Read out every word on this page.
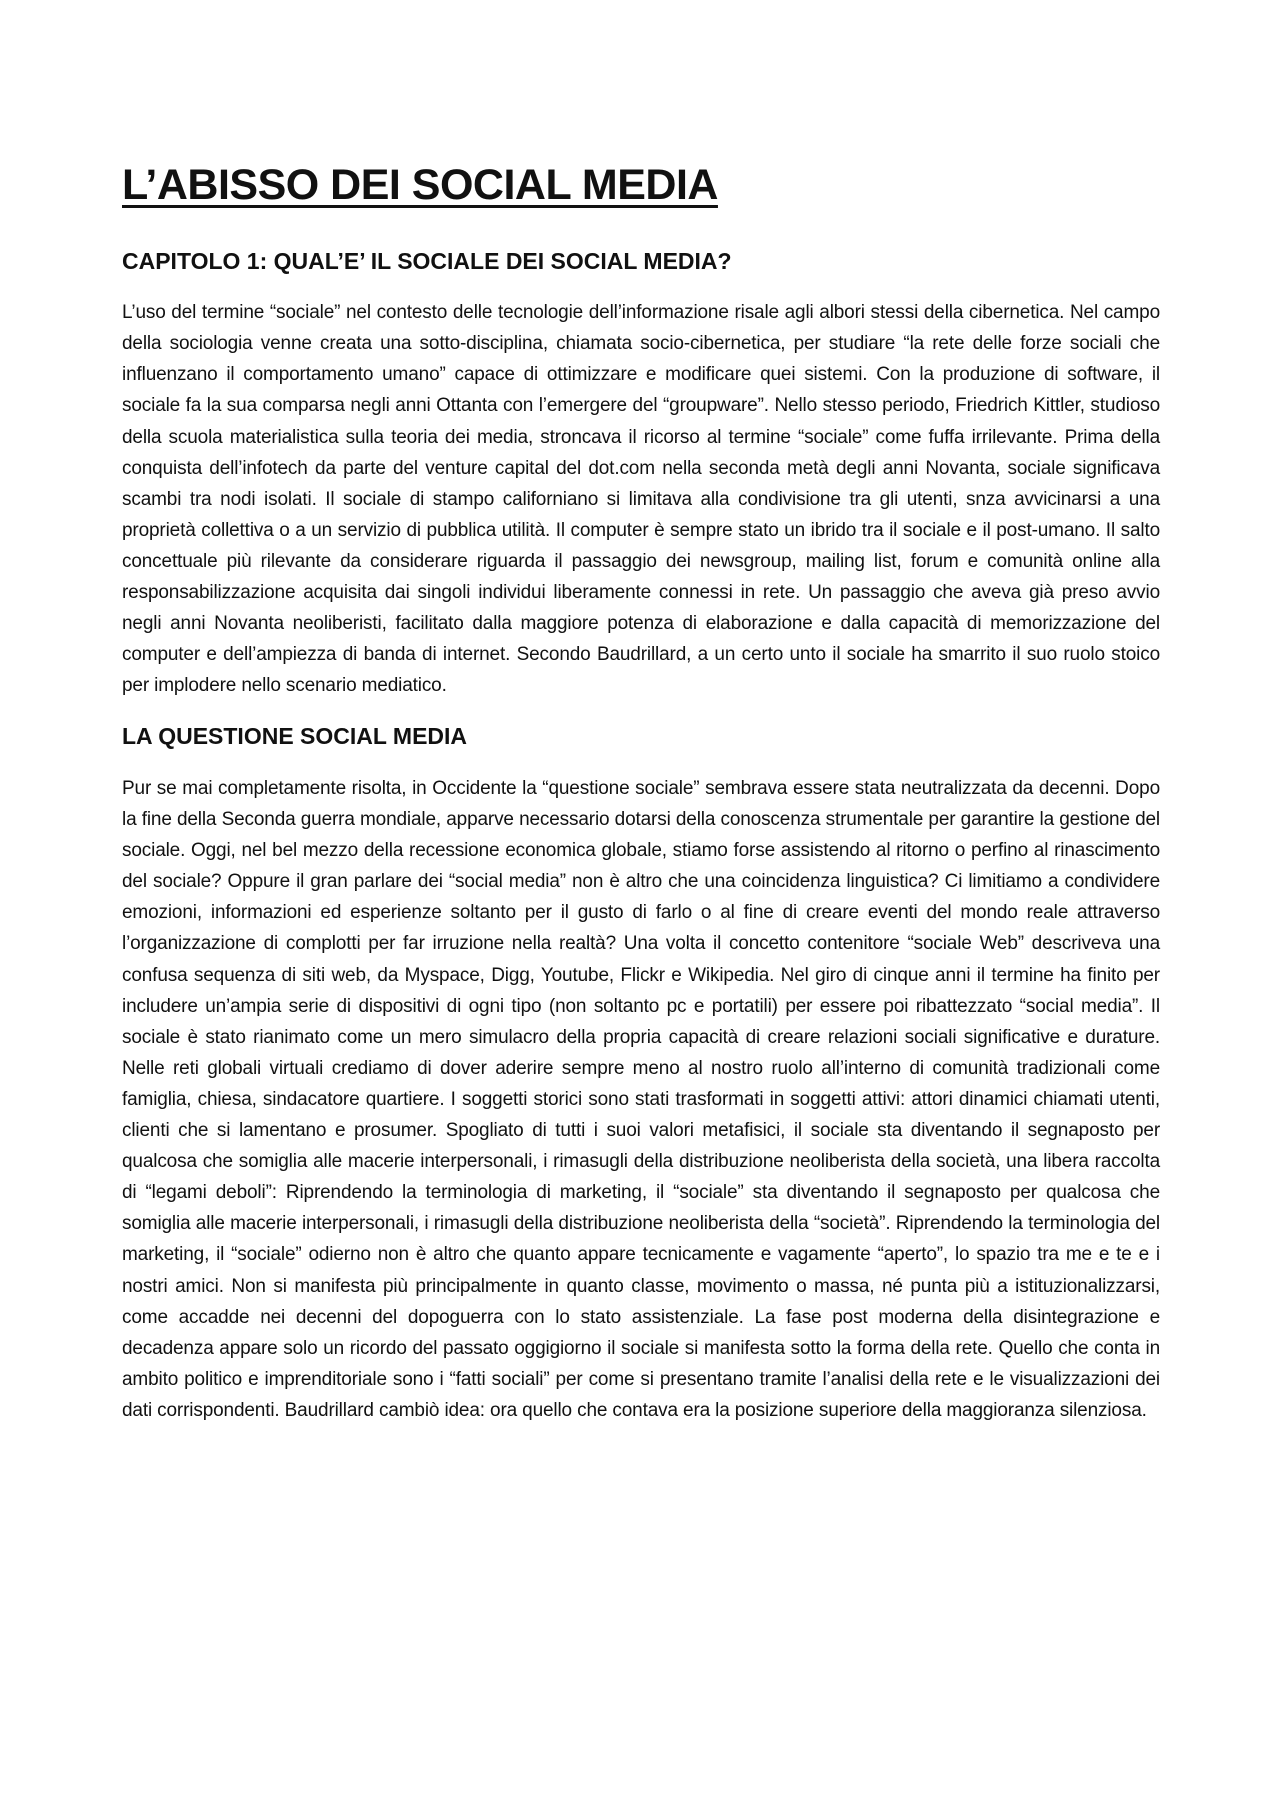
L’ABISSO DEI SOCIAL MEDIA
CAPITOLO 1: QUAL’E’ IL SOCIALE DEI SOCIAL MEDIA?

L’uso del termine “sociale” nel contesto delle tecnologie dell’informazione risale agli albori stessi della cibernetica. Nel campo della sociologia venne creata una sotto-disciplina, chiamata socio-cibernetica, per studiare “la rete delle forze sociali che influenzano il comportamento umano” capace di ottimizzare e modificare quei sistemi. Con la produzione di software, il sociale fa la sua comparsa negli anni Ottanta con l’emergere del “groupware”. Nello stesso periodo, Friedrich Kittler, studioso della scuola materialistica sulla teoria dei media, stroncava il ricorso al termine “sociale” come fuffa irrilevante. Prima della conquista dell’infotech da parte del venture capital del dot.com nella seconda metà degli anni Novanta, sociale significava scambi tra nodi isolati. Il sociale di stampo californiano si limitava alla condivisione tra gli utenti, snza avvicinarsi a una proprietà collettiva o a un servizio di pubblica utilità. Il computer è sempre stato un ibrido tra il sociale e il post-umano. Il salto concettuale più rilevante da considerare riguarda il passaggio dei newsgroup, mailing list, forum e comunità online alla responsabilizzazione acquisita dai singoli individui liberamente connessi in rete. Un passaggio che aveva già preso avvio negli anni Novanta neoliberisti, facilitato dalla maggiore potenza di elaborazione e dalla capacità di memorizzazione del computer e dell’ampiezza di banda di internet. Secondo Baudrillard, a un certo unto il sociale ha smarrito il suo ruolo stoico per implodere nello scenario mediatico.

LA QUESTIONE SOCIAL MEDIA

Pur se mai completamente risolta, in Occidente la “questione sociale” sembrava essere stata neutralizzata da decenni. Dopo la fine della Seconda guerra mondiale, apparve necessario dotarsi della conoscenza strumentale per garantire la gestione del sociale. Oggi, nel bel mezzo della recessione economica globale, stiamo forse assistendo al ritorno o perfino al rinascimento del sociale? Oppure il gran parlare dei “social media” non è altro che una coincidenza linguistica? Ci limitiamo a condividere emozioni, informazioni ed esperienze soltanto per il gusto di farlo o al fine di creare eventi del mondo reale attraverso l’organizzazione di complotti per far irruzione nella realtà? Una volta il concetto contenitore “sociale Web” descriveva una confusa sequenza di siti web, da Myspace, Digg, Youtube, Flickr e Wikipedia. Nel giro di cinque anni il termine ha finito per includere un’ampia serie di dispositivi di ogni tipo (non soltanto pc e portatili) per essere poi ribattezzato “social media”. Il sociale è stato rianimato come un mero simulacro della propria capacità di creare relazioni sociali significative e durature. Nelle reti globali virtuali crediamo di dover aderire sempre meno al nostro ruolo all’interno di comunità tradizionali come famiglia, chiesa, sindacatore quartiere. I soggetti storici sono stati trasformati in soggetti attivi: attori dinamici chiamati utenti, clienti che si lamentano e prosumer. Spogliato di tutti i suoi valori metafisici, il sociale sta diventando il segnaposto per qualcosa che somiglia alle macerie interpersonali, i rimasugli della distribuzione neoliberista della società, una libera raccolta di “legami deboli”: Riprendendo la terminologia di marketing, il “sociale” sta diventando il segnaposto per qualcosa che somiglia alle macerie interpersonali, i rimasugli della distribuzione neoliberista della “società”. Riprendendo la terminologia del marketing, il “sociale” odierno non è altro che quanto appare tecnicamente e vagamente “aperto”, lo spazio tra me e te e i nostri amici. Non si manifesta più principalmente in quanto classe, movimento o massa, né punta più a istituzionalizzarsi, come accadde nei decenni del dopoguerra con lo stato assistenziale. La fase post moderna della disintegrazione e decadenza appare solo un ricordo del passato oggigiorno il sociale si manifesta sotto la forma della rete. Quello che conta in ambito politico e imprenditoriale sono i “fatti sociali” per come si presentano tramite l’analisi della rete e le visualizzazioni dei dati corrispondenti. Baudrillard cambiò idea: ora quello che contava era la posizione superiore della maggioranza silenziosa.
